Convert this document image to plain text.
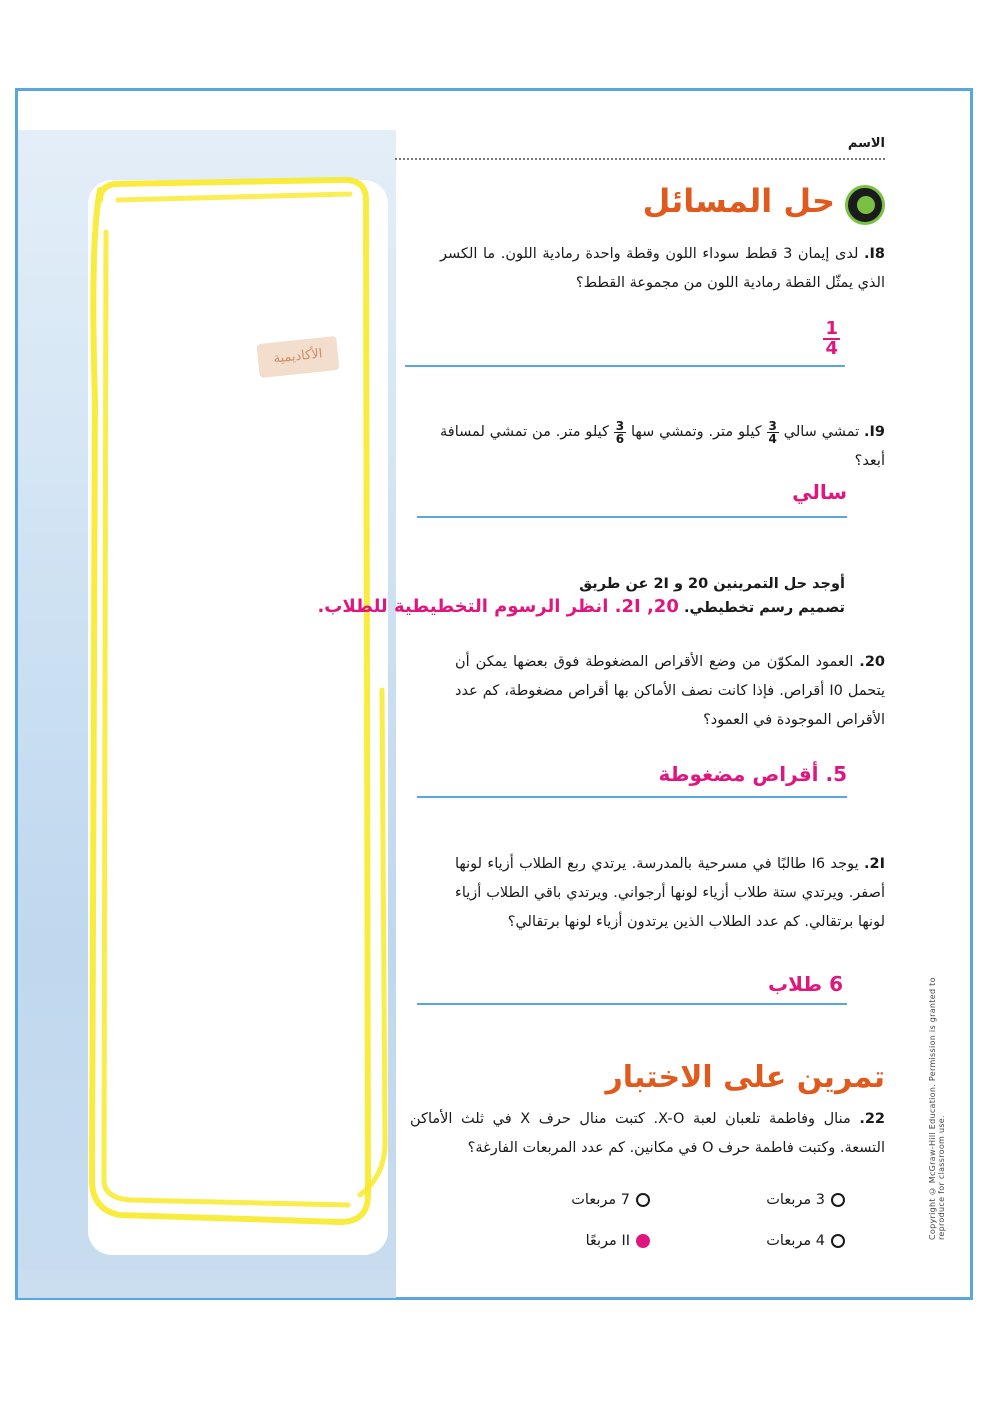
الأكاديمية
الاسم
حل المسائل
I8. لدى إيمان 3 قطط سوداء اللون وقطة واحدة رمادية اللون. ما الكسر الذي يمثّل القطة رمادية اللون من مجموعة القطط؟
$\frac{1}{4}$
I9. تمشي سالي
$\frac{3}{4}$
كيلو متر. وتمشي سها
$\frac{3}{6}$
كيلو متر. من تمشي لمسافة أبعد؟
سالي
أوجد حل التمرينين 20 و 2I عن طريق
تصميم رسم تخطيطي. 2I ,20. انظر الرسوم التخطيطية للطلاب.
20. العمود المكوّن من وضع الأقراص المضغوطة فوق بعضها يمكن أن يتحمل I0 أقراص. فإذا كانت نصف الأماكن بها أقراص مضغوطة، كم عدد الأقراص الموجودة في العمود؟
5. أقراص مضغوطة
2I. يوجد I6 طالبًا في مسرحية بالمدرسة. يرتدي ربع الطلاب أزياء لونها أصفر. ويرتدي ستة طلاب أزياء لونها أرجواني. ويرتدي باقي الطلاب أزياء لونها برتقالي. كم عدد الطلاب الذين يرتدون أزياء لونها برتقالي؟
6 طلاب
تمرين على الاختبار
22. منال وفاطمة تلعبان لعبة X-O. كتبت منال حرف X في ثلث الأماكن التسعة. وكتبت فاطمة حرف O في مكانين. كم عدد المربعات الفارغة؟
3 مربعات
7 مربعات
4 مربعات
II مربعًا
Copyright © McGraw-Hill Education. Permission is granted to reproduce for classroom use.
